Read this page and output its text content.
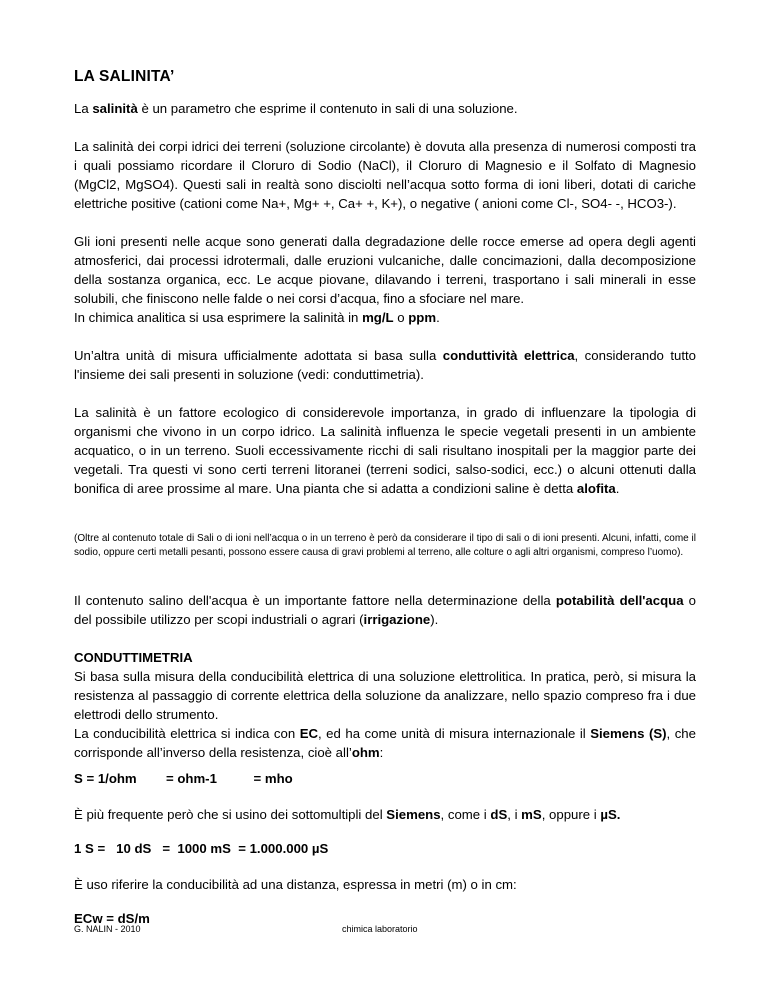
LA SALINITA’

La salinità è un parametro che esprime il contenuto in sali di una soluzione.

La salinità dei corpi idrici dei terreni (soluzione circolante) è dovuta alla presenza di numerosi composti tra i quali possiamo ricordare il Cloruro di Sodio (NaCl), il Cloruro di Magnesio e il Solfato di Magnesio (MgCl2, MgSO4). Questi sali in realtà sono disciolti nell’acqua sotto forma di ioni liberi, dotati di cariche elettriche positive (cationi come Na+, Mg+ +, Ca+ +, K+), o negative ( anioni come Cl-, SO4- -, HCO3-).

Gli ioni presenti nelle acque sono generati dalla degradazione delle rocce emerse ad opera degli agenti atmosferici, dai processi idrotermali, dalle eruzioni vulcaniche, dalle concimazioni, dalla decomposizione della sostanza organica, ecc. Le acque piovane, dilavando i terreni, trasportano i sali minerali in esse solubili, che finiscono nelle falde o nei corsi d’acqua, fino a sfociare nel mare.

In chimica analitica si usa esprimere la salinità in mg/L o ppm.

Un’altra unità di misura ufficialmente adottata si basa sulla conduttività elettrica, considerando tutto l'insieme dei sali presenti in soluzione (vedi: conduttimetria).

La salinità è un fattore ecologico di considerevole importanza, in grado di influenzare la tipologia di organismi che vivono in un corpo idrico. La salinità influenza le specie vegetali presenti in un ambiente acquatico, o in un terreno. Suoli eccessivamente ricchi di sali risultano inospitali per la maggior parte dei vegetali. Tra questi vi sono certi terreni litoranei (terreni sodici, salso-sodici, ecc.) o alcuni ottenuti dalla bonifica di aree prossime al mare. Una pianta che si adatta a condizioni saline è detta alofita.

(Oltre al contenuto totale di Sali o di ioni nell’acqua o in un terreno è però da considerare il tipo di sali o di ioni presenti. Alcuni, infatti, come il sodio, oppure certi metalli pesanti, possono essere causa di gravi problemi al terreno, alle colture o agli altri organismi, compreso l’uomo).

Il contenuto salino dell'acqua è un importante fattore nella determinazione della potabilità dell'acqua o del possibile utilizzo per scopi industriali o agrari (irrigazione).

CONDUTTIMETRIA

Si basa sulla misura della conducibilità elettrica di una soluzione elettrolitica. In pratica, però, si misura la resistenza al passaggio di corrente elettrica della soluzione da analizzare, nello spazio compreso fra i due elettrodi dello strumento.

La conducibilità elettrica si indica con EC, ed ha come unità di misura internazionale il Siemens (S), che corrisponde all’inverso della resistenza, cioè all’ohm:

S = 1/ohm        = ohm-1          = mho

È più frequente però che si usino dei sottomultipli del Siemens, come i dS, i mS, oppure i µS.

1 S =   10 dS   =  1000 mS  = 1.000.000 µS

È uso riferire la conducibilità ad una distanza, espressa in metri (m) o in cm:

ECw = dS/m
G. NALIN - 2010	chimica laboratorio
